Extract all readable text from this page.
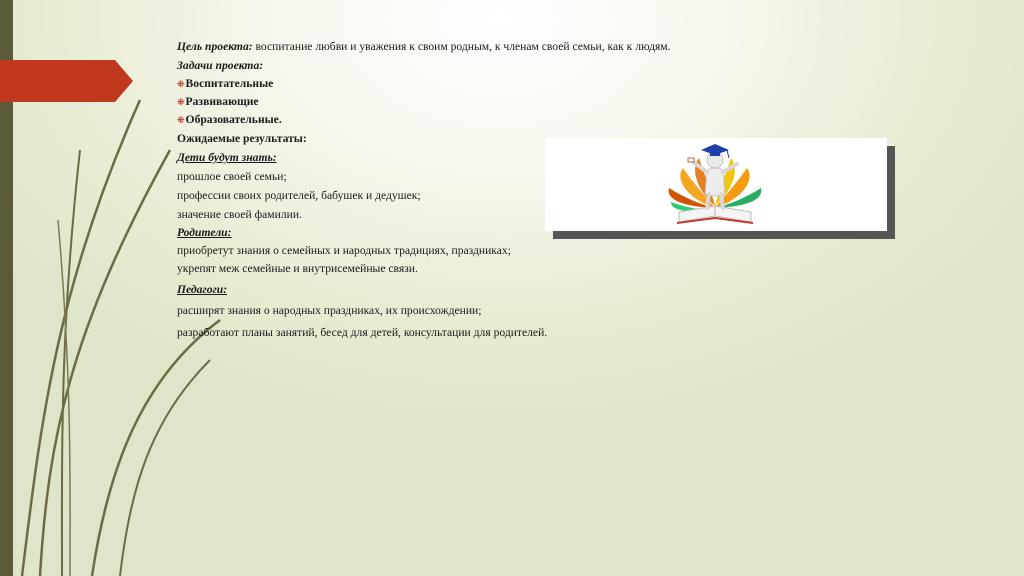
Цель проекта: воспитание любви и уважения к своим родным, к членам своей семьи, как к людям.
Задачи проекта:
⁜Воспитательные
⁜Развивающие
⁜Образовательные.
Ожидаемые результаты:
Дети будут знать:
прошлое своей семьи;
профессии своих родителей, бабушек и дедушек;
значение своей фамилии.
Родители:
приобретут знания о семейных и народных традициях, праздниках;
укрепят меж семейные и внутрисемейные связи.
Педагоги:
расширят знания о народных праздниках, их происхождении;
разработают планы занятий, бесед для детей, консультации для родителей.
